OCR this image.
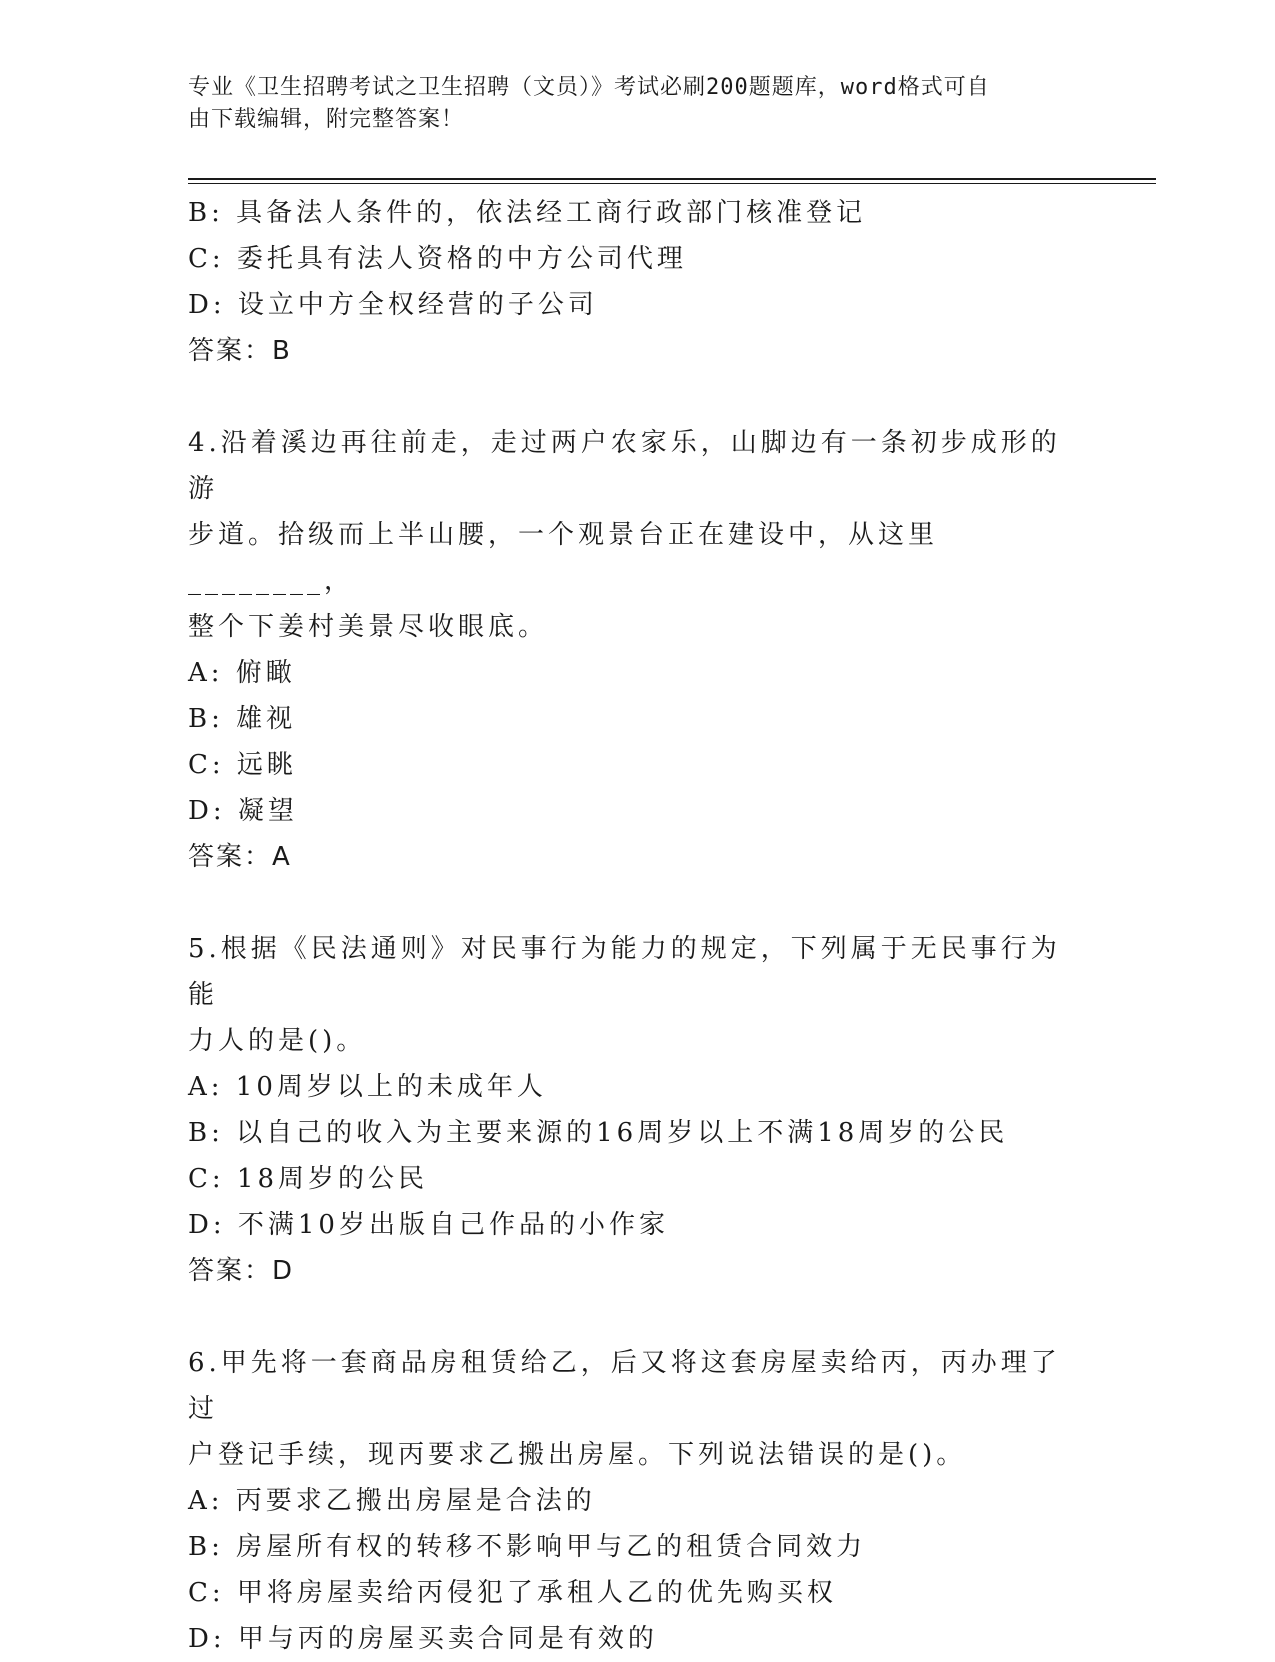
专业《卫生招聘考试之卫生招聘（文员）》考试必刷200题题库，word格式可自
由下载编辑，附完整答案！
B: 具备法人条件的，依法经工商行政部门核准登记
C: 委托具有法人资格的中方公司代理
D: 设立中方全权经营的子公司
答案：B
4.沿着溪边再往前走，走过两户农家乐，山脚边有一条初步成形的游
步道。拾级而上半山腰，一个观景台正在建设中，从这里________，
整个下姜村美景尽收眼底。
A: 俯瞰
B: 雄视
C: 远眺
D: 凝望
答案：A
5.根据《民法通则》对民事行为能力的规定，下列属于无民事行为能
力人的是()。
A: 10周岁以上的未成年人
B: 以自己的收入为主要来源的16周岁以上不满18周岁的公民
C: 18周岁的公民
D: 不满10岁出版自己作品的小作家
答案：D
6.甲先将一套商品房租赁给乙，后又将这套房屋卖给丙，丙办理了过
户登记手续，现丙要求乙搬出房屋。下列说法错误的是()。
A: 丙要求乙搬出房屋是合法的
B: 房屋所有权的转移不影响甲与乙的租赁合同效力
C: 甲将房屋卖给丙侵犯了承租人乙的优先购买权
D: 甲与丙的房屋买卖合同是有效的
